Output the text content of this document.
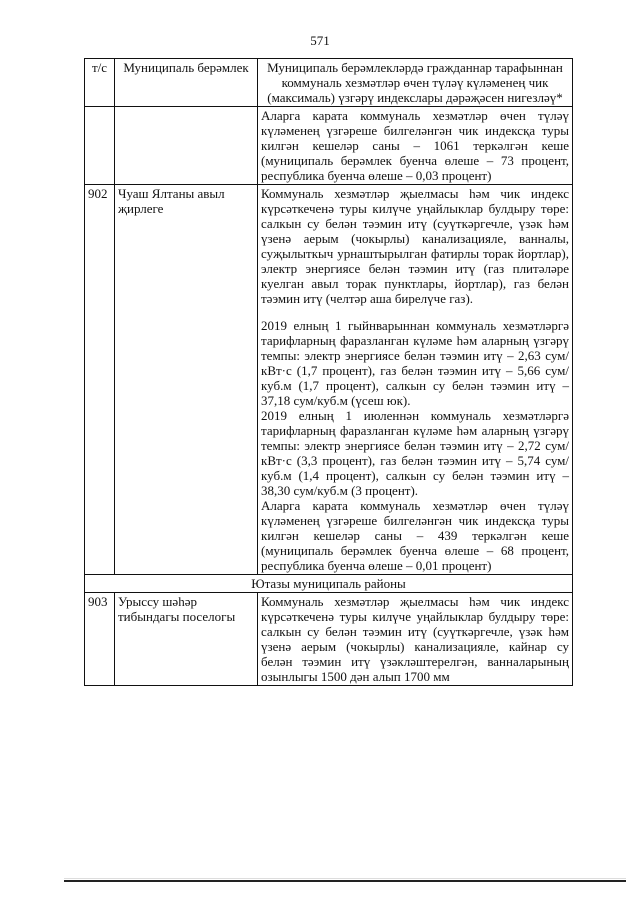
571
т/с	Муниципаль берәмлек	Муниципаль берәмлекләрдә гражданнар тарафыннан коммуналь хезмәтләр өчен түләү күләменең чик (максималь) үзгәрү индекслары дәрәҗәсен нигезләү*

		Аларга карата коммуналь хезмәтләр өчен түләү күләменең үзгәреше билгеләнгән чик индексқа туры килгән кешеләр саны – 1061 теркәлгән кеше (муниципаль берәмлек буенча өлеше – 73 процент, республика буенча өлеше – 0,03 процент)

902	Чуаш Ялтаны авыл җирлеге	Коммуналь хезмәтләр җыелмасы һәм чик индекс күрсәткеченә туры килүче уңайлыклар булдыру төре: салкын су белән тәэмин итү (суүткәргечле, үзәк һәм үзенә аерым (чокырлы) канализацияле, ванналы, суҗылыткыч урнаштырылган фатирлы торак йортлар), электр энергиясе белән тәэмин итү (газ плитәләре куелган авыл торак пунктлары, йортлар), газ белән тәэмин итү (челтәр аша бирелүче газ).
2019 елның 1 гыйнварыннан коммуналь хезмәтләргә тарифларның фаразланган күләме һәм аларның үзгәрү темпы: электр энергиясе белән тәэмин итү – 2,63 сум/кВт·с (1,7 процент), газ белән тәэмин итү – 5,66 сум/куб.м (1,7 процент), салкын су белән тәэмин итү – 37,18 сум/куб.м (үсеш юк).
2019 елның 1 июленнән коммуналь хезмәтләргә тарифларның фаразланган күләме һәм аларның үзгәрү темпы: электр энергиясе белән тәэмин итү – 2,72 сум/кВт·с (3,3 процент), газ белән тәэмин итү – 5,74 сум/куб.м (1,4 процент), салкын су белән тәэмин итү – 38,30 сум/куб.м (3 процент).
Аларга карата коммуналь хезмәтләр өчен түләү күләменең үзгәреше билгеләнгән чик индексқа туры килгән кешеләр саны – 439 теркәлгән кеше (муниципаль берәмлек буенча өлеше – 68 процент, республика буенча өлеше – 0,01 процент)

Ютазы муниципаль районы		
903	Урыссу шәһәр тибындагы поселогы	Коммуналь хезмәтләр җыелмасы һәм чик индекс күрсәткеченә туры килүче уңайлыклар булдыру төре: салкын су белән тәэмин итү (суүткәргечле, үзәк һәм үзенә аерым (чокырлы) канализацияле, кайнар су белән тәэмин итү үзәкләштерелгән, ванналарының озынлыгы 1500 дән алып 1700 мм
